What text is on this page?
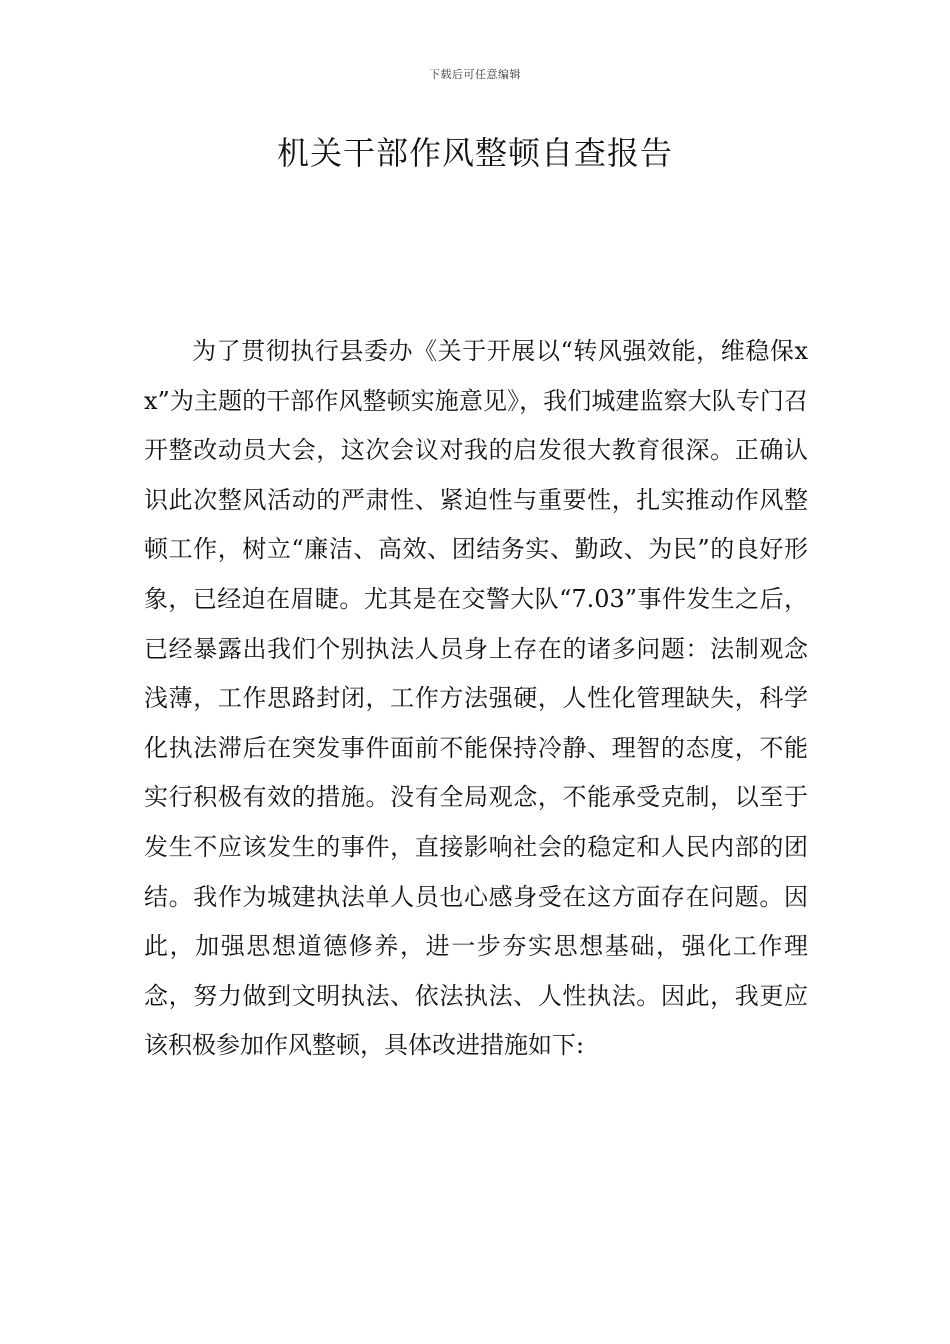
下载后可任意编辑
机关干部作风整顿自查报告

为了贯彻执行县委办《关于开展以“转风强效能，维稳保xx”为主题的干部作风整顿实施意见》，我们城建监察大队专门召开整改动员大会，这次会议对我的启发很大教育很深。正确认识此次整风活动的严肃性、紧迫性与重要性，扎实推动作风整顿工作，树立“廉洁、高效、团结务实、勤政、为民”的良好形象，已经迫在眉睫。尤其是在交警大队“7.03”事件发生之后，已经暴露出我们个别执法人员身上存在的诸多问题：法制观念浅薄，工作思路封闭，工作方法强硬，人性化管理缺失，科学化执法滞后在突发事件面前不能保持冷静、理智的态度，不能实行积极有效的措施。没有全局观念，不能承受克制，以至于发生不应该发生的事件，直接影响社会的稳定和人民内部的团结。我作为城建执法单人员也心感身受在这方面存在问题。因此，加强思想道德修养，进一步夯实思想基础，强化工作理念，努力做到文明执法、依法执法、人性执法。因此，我更应该积极参加作风整顿，具体改进措施如下:
